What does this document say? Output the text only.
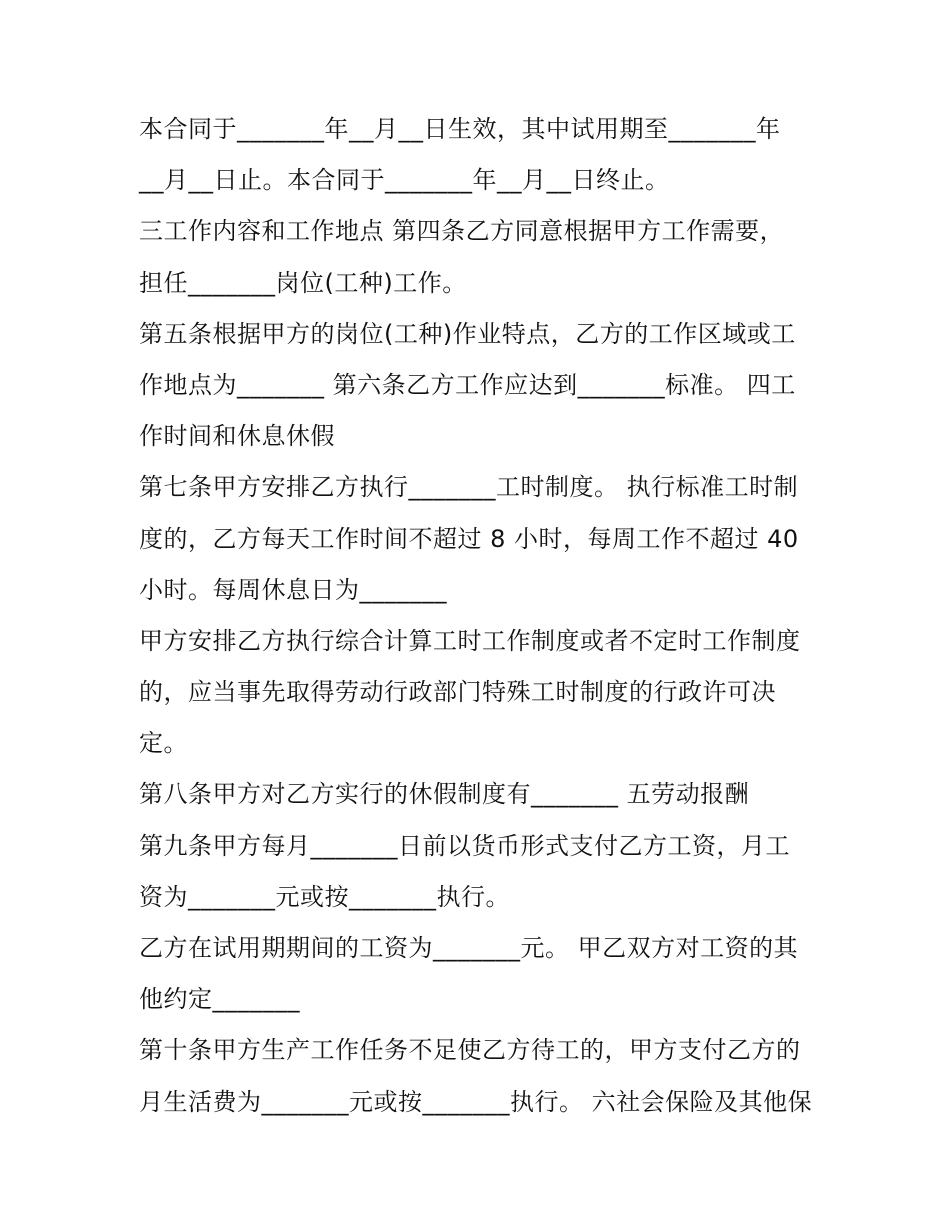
本合同于_______年__月__日生效，其中试用期至_______年
__月__日止。本合同于_______年__月__日终止。
三工作内容和工作地点 第四条乙方同意根据甲方工作需要，
担任_______岗位(工种)工作。
第五条根据甲方的岗位(工种)作业特点，乙方的工作区域或工
作地点为_______ 第六条乙方工作应达到_______标准。 四工
作时间和休息休假
第七条甲方安排乙方执行_______工时制度。 执行标准工时制
度的，乙方每天工作时间不超过 8 小时，每周工作不超过 40
小时。每周休息日为_______
甲方安排乙方执行综合计算工时工作制度或者不定时工作制度
的，应当事先取得劳动行政部门特殊工时制度的行政许可决
定。
第八条甲方对乙方实行的休假制度有_______ 五劳动报酬
第九条甲方每月_______日前以货币形式支付乙方工资，月工
资为_______元或按_______执行。
乙方在试用期期间的工资为_______元。 甲乙双方对工资的其
他约定_______
第十条甲方生产工作任务不足使乙方待工的，甲方支付乙方的
月生活费为_______元或按_______执行。 六社会保险及其他保
